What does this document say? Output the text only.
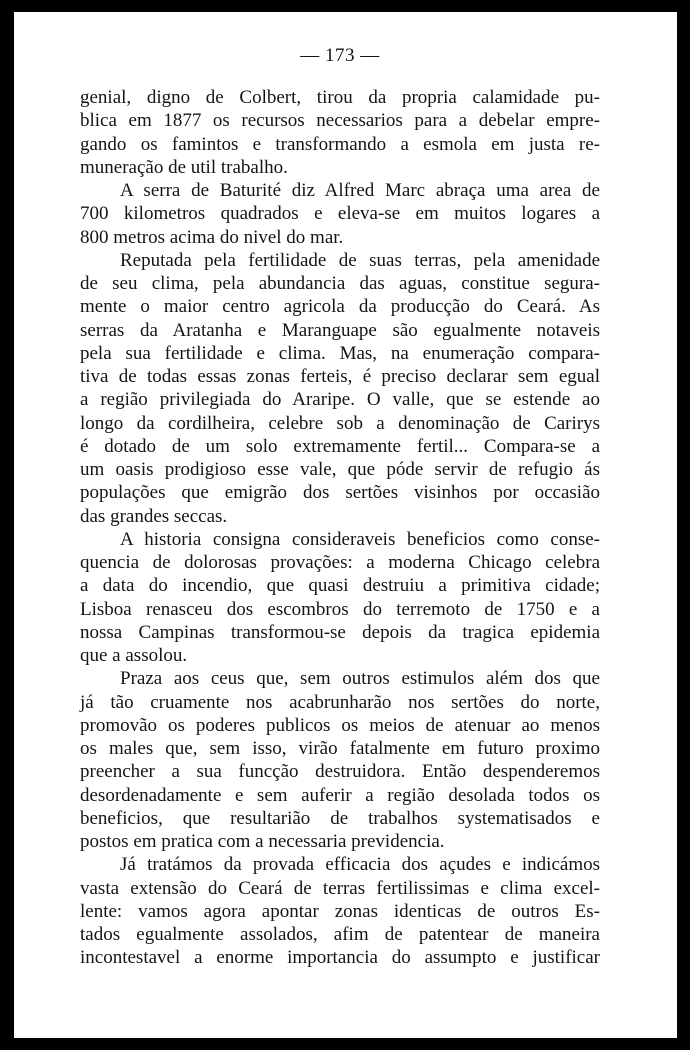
— 173 —
genial, digno de Colbert, tirou da propria calamidade pu-
blica em 1877 os recursos necessarios para a debelar empre-
gando os famintos e transformando a esmola em justa re-
muneração de util trabalho.
A serra de Baturité diz Alfred Marc abraça uma area de
700 kilometros quadrados e eleva-se em muitos logares a
800 metros acima do nivel do mar.
Reputada pela fertilidade de suas terras, pela amenidade
de seu clima, pela abundancia das aguas, constitue segura-
mente o maior centro agricola da producção do Ceará. As
serras da Aratanha e Maranguape são egualmente notaveis
pela sua fertilidade e clima. Mas, na enumeração compara-
tiva de todas essas zonas ferteis, é preciso declarar sem egual
a região privilegiada do Araripe. O valle, que se estende ao
longo da cordilheira, celebre sob a denominação de Carirys
é dotado de um solo extremamente fertil... Compara-se a
um oasis prodigioso esse vale, que póde servir de refugio ás
populações que emigrão dos sertões visinhos por occasião
das grandes seccas.
A historia consigna consideraveis beneficios como conse-
quencia de dolorosas provações: a moderna Chicago celebra
a data do incendio, que quasi destruiu a primitiva cidade;
Lisboa renasceu dos escombros do terremoto de 1750 e a
nossa Campinas transformou-se depois da tragica epidemia
que a assolou.
Praza aos ceus que, sem outros estimulos além dos que
já tão cruamente nos acabrunharão nos sertões do norte,
promovão os poderes publicos os meios de atenuar ao menos
os males que, sem isso, virão fatalmente em futuro proximo
preencher a sua funcção destruidora. Então despenderemos
desordenadamente e sem auferir a região desolada todos os
beneficios, que resultarião de trabalhos systematisados e
postos em pratica com a necessaria previdencia.
Já tratámos da provada efficacia dos açudes e indicámos
vasta extensão do Ceará de terras fertilissimas e clima excel-
lente: vamos agora apontar zonas identicas de outros Es-
tados egualmente assolados, afim de patentear de maneira
incontestavel a enorme importancia do assumpto e justificar
